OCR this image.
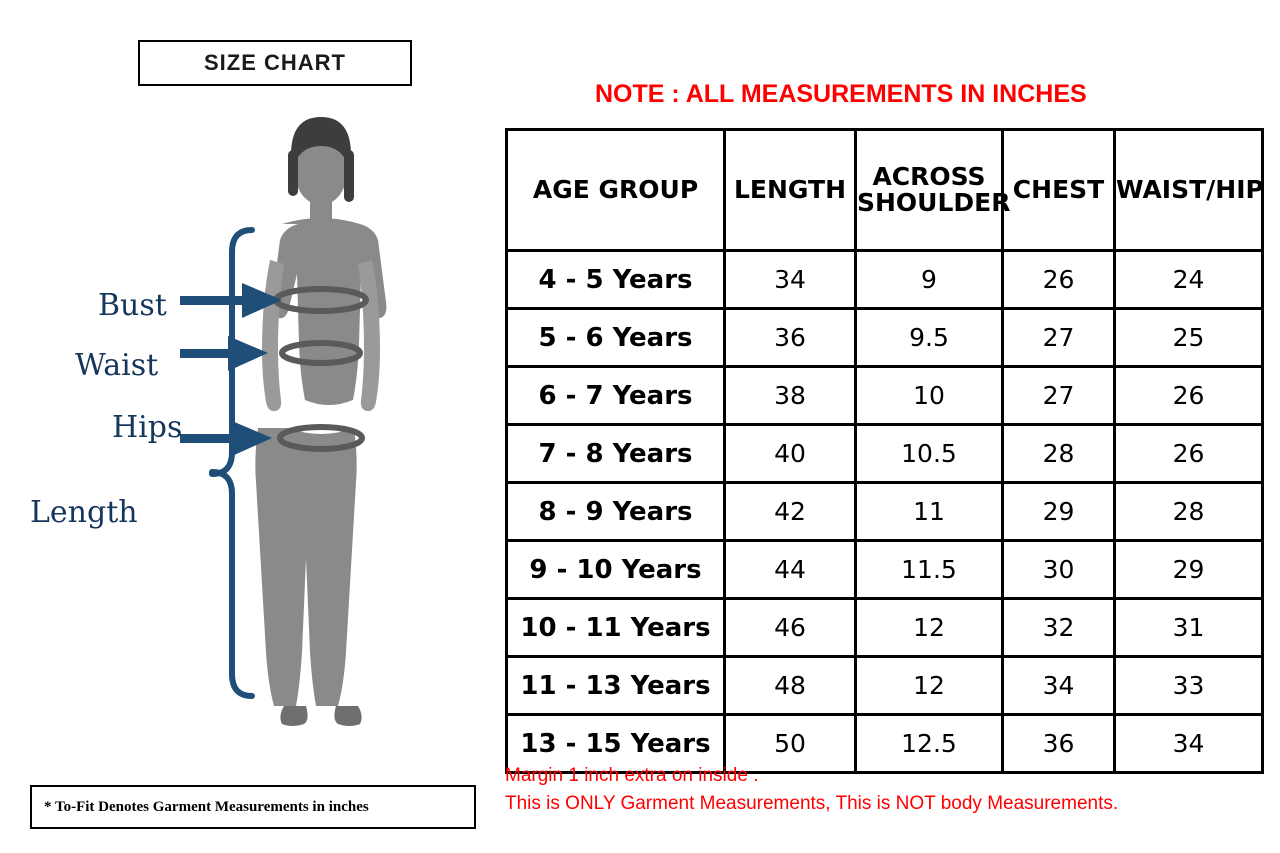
SIZE CHART
Bust
Waist
Hips
Length
* To-Fit Denotes Garment Measurements in inches
NOTE : ALL MEASUREMENTS IN INCHES
AGE GROUP	LENGTH	ACROSS SHOULDER	CHEST	WAIST/HIP
4 - 5 Years	34	9	26	24
5 - 6 Years	36	9.5	27	25
6 - 7 Years	38	10	27	26
7 - 8 Years	40	10.5	28	26
8 - 9 Years	42	11	29	28
9 - 10 Years	44	11.5	30	29
10 - 11 Years	46	12	32	31
11 - 13 Years	48	12	34	33
13 - 15 Years	50	12.5	36	34
Margin 1 inch extra on inside .
This is ONLY Garment Measurements, This is NOT body Measurements.
